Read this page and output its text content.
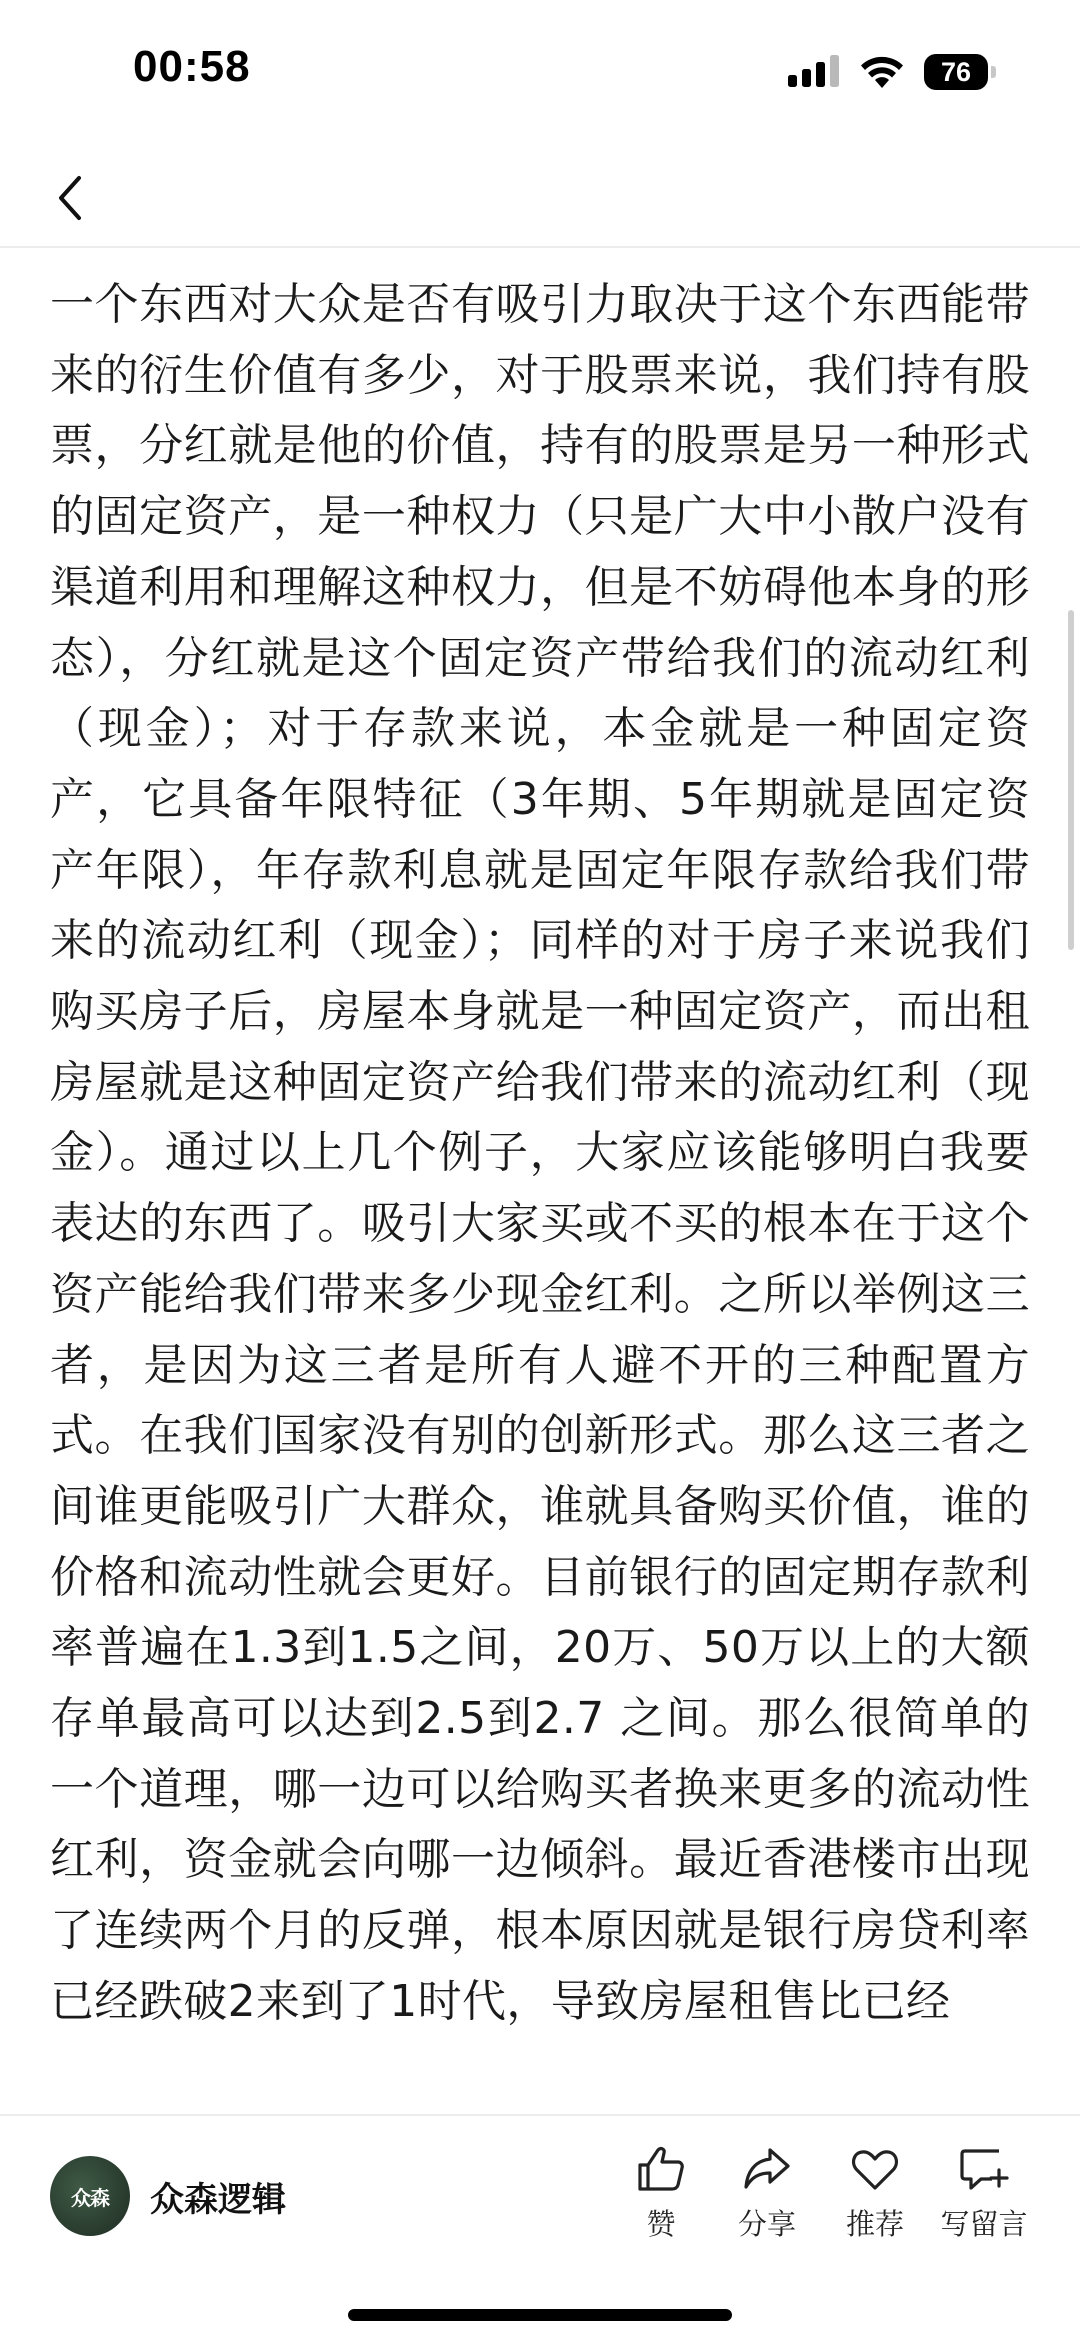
00:58	76

一个东西对大众是否有吸引力取决于这个东西能带来的衍生价值有多少，对于股票来说，我们持有股票，分红就是他的价值，持有的股票是另一种形式的固定资产，是一种权力（只是广大中小散户没有渠道利用和理解这种权力，但是不妨碍他本身的形态），分红就是这个固定资产带给我们的流动红利（现金）；对于存款来说，本金就是一种固定资产，它具备年限特征（3年期、5年期就是固定资产年限），年存款利息就是固定年限存款给我们带来的流动红利（现金）；同样的对于房子来说我们购买房子后，房屋本身就是一种固定资产，而出租房屋就是这种固定资产给我们带来的流动红利（现金）。通过以上几个例子，大家应该能够明白我要表达的东西了。吸引大家买或不买的根本在于这个资产能给我们带来多少现金红利。之所以举例这三者，是因为这三者是所有人避不开的三种配置方式。在我们国家没有别的创新形式。那么这三者之间谁更能吸引广大群众，谁就具备购买价值，谁的价格和流动性就会更好。目前银行的固定期存款利率普遍在1.3到1.5之间，20万、50万以上的大额存单最高可以达到2.5到2.7 之间。那么很简单的一个道理，哪一边可以给购买者换来更多的流动性红利，资金就会向哪一边倾斜。最近香港楼市出现了连续两个月的反弹，根本原因就是银行房贷利率已经跌破2来到了1时代，导致房屋租售比已经

众森 众森逻辑
赞	分享	推荐	写留言
